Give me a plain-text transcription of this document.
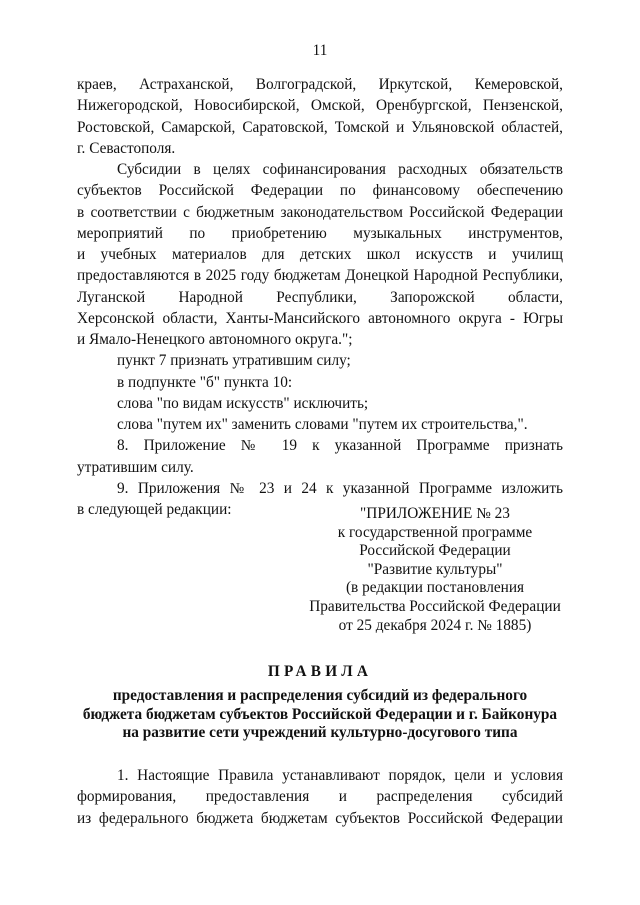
11
краев, Астраханской, Волгоградской, Иркутской, Кемеровской,
Нижегородской, Новосибирской, Омской, Оренбургской, Пензенской,
Ростовской, Самарской, Саратовской, Томской и Ульяновской областей,
г. Севастополя.
Субсидии в целях софинансирования расходных обязательств
субъектов Российской Федерации по финансовому обеспечению
в соответствии с бюджетным законодательством Российской Федерации
мероприятий по приобретению музыкальных инструментов,
и учебных материалов для детских школ искусств и училищ
предоставляются в 2025 году бюджетам Донецкой Народной Республики,
Луганской Народной Республики, Запорожской области,
Херсонской области, Ханты-Мансийского автономного округа - Югры
и Ямало-Ненецкого автономного округа.";
пункт 7 признать утратившим силу;
в подпункте "б" пункта 10:
слова "по видам искусств" исключить;
слова "путем их" заменить словами "путем их строительства,".
8. Приложение № 19 к указанной Программе признать
утратившим силу.
9. Приложения № 23 и 24 к указанной Программе изложить
в следующей редакции:	"ПРИЛОЖЕНИЕ № 23
к государственной программе
Российской Федерации
"Развитие культуры"
(в редакции постановления
Правительства Российской Федерации
от 25 декабря 2024 г. № 1885)
ПРАВИЛА
предоставления и распределения субсидий из федерального
бюджета бюджетам субъектов Российской Федерации и г. Байконура
на развитие сети учреждений культурно-досугового типа
1. Настоящие Правила устанавливают порядок, цели и условия
формирования, предоставления и распределения субсидий
из федерального бюджета бюджетам субъектов Российской Федерации
